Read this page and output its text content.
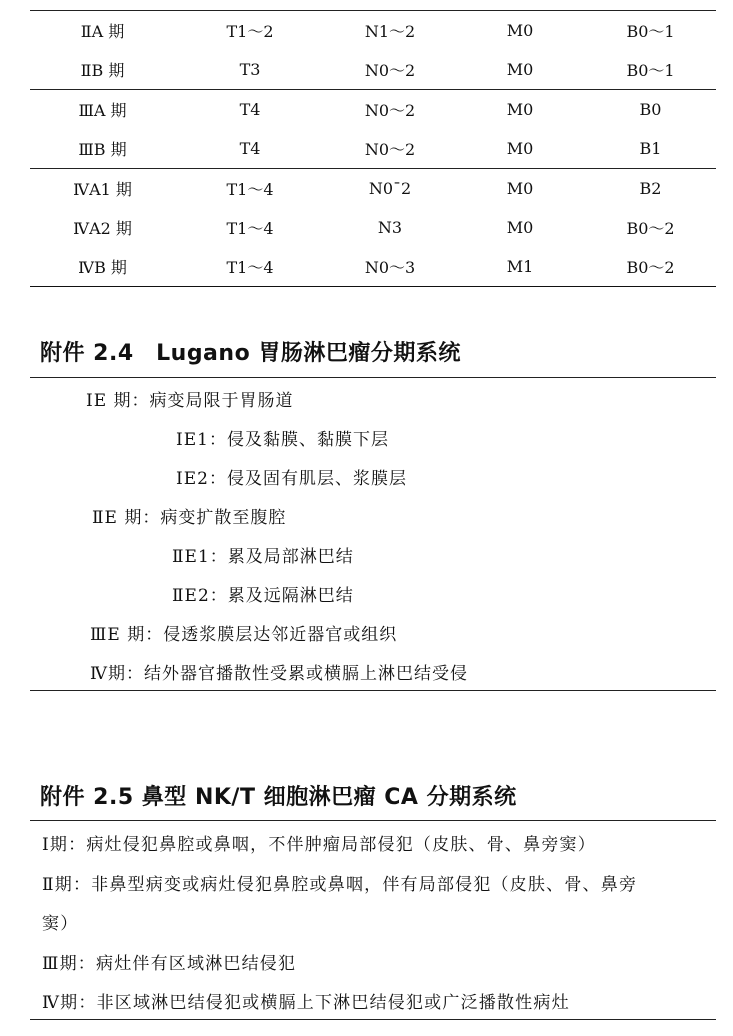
ⅡA 期	T1～2	N1～2	M0	B0～1
ⅡB 期	T3	N0～2	M0	B0～1
ⅢA 期	T4	N0～2	M0	B0
ⅢB 期	T4	N0～2	M0	B1
ⅣA1 期	T1～4	N0¯2	M0	B2
ⅣA2 期	T1～4	N3	M0	B0～2
ⅣB 期	T1～4	N0～3	M1	B0～2
附件 2.4　Lugano 胃肠淋巴瘤分期系统
ⅠE 期：病变局限于胃肠道
ⅠE1：侵及黏膜、黏膜下层
ⅠE2：侵及固有肌层、浆膜层
ⅡE 期：病变扩散至腹腔
ⅡE1：累及局部淋巴结
ⅡE2：累及远隔淋巴结
ⅢE 期：侵透浆膜层达邻近器官或组织
Ⅳ期：结外器官播散性受累或横膈上淋巴结受侵
附件 2.5 鼻型 NK/T 细胞淋巴瘤 CA 分期系统
Ⅰ期：病灶侵犯鼻腔或鼻咽，不伴肿瘤局部侵犯（皮肤、骨、鼻旁窦）
Ⅱ期：非鼻型病变或病灶侵犯鼻腔或鼻咽，伴有局部侵犯（皮肤、骨、鼻旁
窦）
Ⅲ期：病灶伴有区域淋巴结侵犯
Ⅳ期：非区域淋巴结侵犯或横膈上下淋巴结侵犯或广泛播散性病灶
